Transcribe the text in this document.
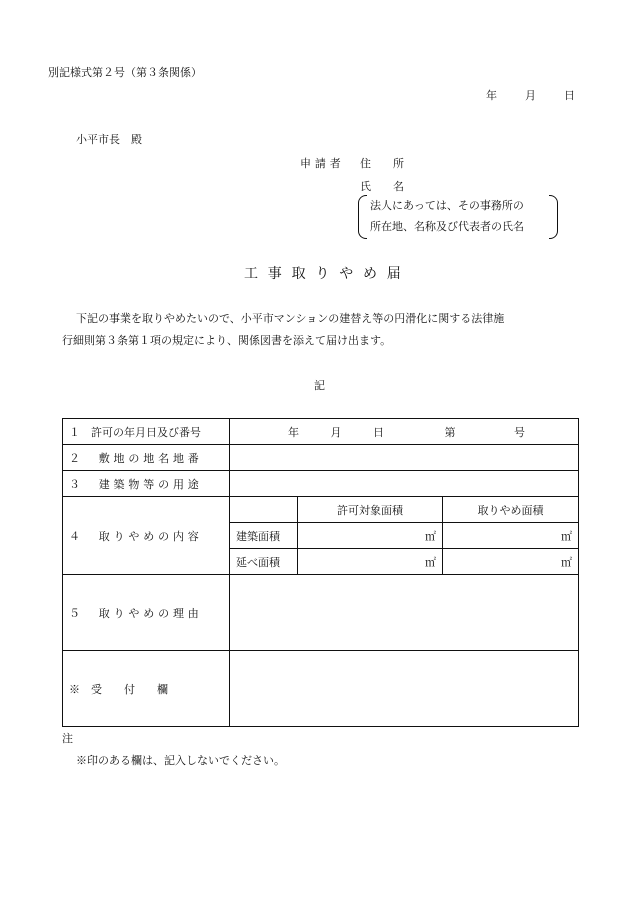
別記様式第２号（第３条関係）
年	月	日
小平市長　殿
申請者 住　　所
氏　　名
法人にあっては、その事務所の
所在地、名称及び代表者の氏名
工事取りやめ届
下記の事業を取りやめたいので、小平市マンションの建替え等の円滑化に関する法律施
行細則第３条第１項の規定により、関係図書を添えて届け出ます。
記
１　許可の年月日及び番号	年 月 日 第 号		
２　敷地の地名地番			
３　建築物等の用途			
４　取りやめの内容		許可対象面積	取りやめ面積
	建築面積	㎡	㎡
	延べ面積	㎡	㎡
５　取りやめの理由			
※　受　　付　　欄			
注
※印のある欄は、記入しないでください。
